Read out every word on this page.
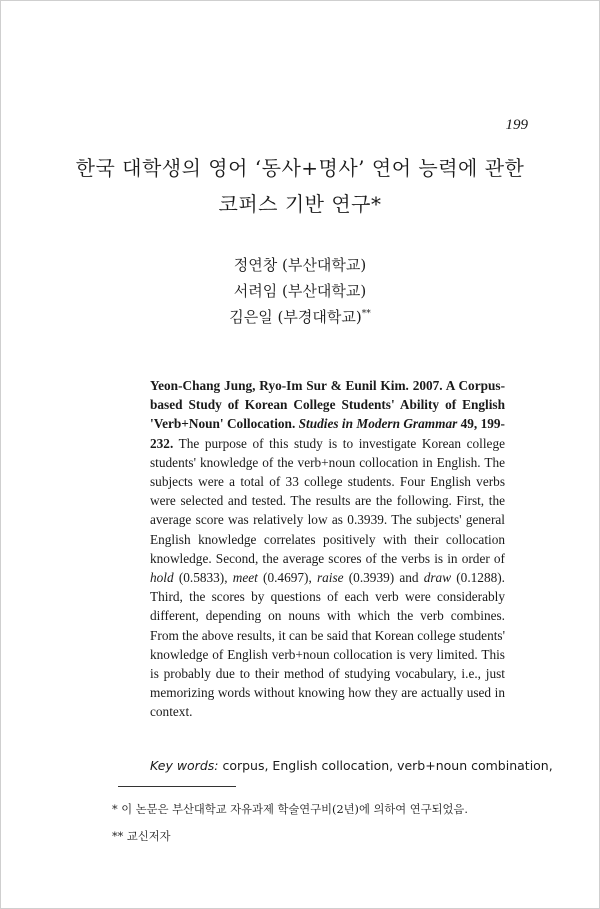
199
한국 대학생의 영어 ‘동사+명사’ 연어 능력에 관한
코퍼스 기반 연구*
정연창 (부산대학교)
서려임 (부산대학교)
김은일 (부경대학교)**
Yeon-Chang Jung, Ryo-Im Sur & Eunil Kim. 2007. A Corpus-based Study of Korean College Students' Ability of English 'Verb+Noun' Collocation. Studies in Modern Grammar 49, 199-232. The purpose of this study is to investigate Korean college students' knowledge of the verb+noun collocation in English. The subjects were a total of 33 college students. Four English verbs were selected and tested. The results are the following. First, the average score was relatively low as 0.3939. The subjects' general English knowledge correlates positively with their collocation knowledge. Second, the average scores of the verbs is in order of hold (0.5833), meet (0.4697), raise (0.3939) and draw (0.1288). Third, the scores by questions of each verb were considerably different, depending on nouns with which the verb combines. From the above results, it can be said that Korean college students' knowledge of English verb+noun collocation is very limited. This is probably due to their method of studying vocabulary, i.e., just memorizing words without knowing how they are actually used in context.
Key words: corpus, English collocation, verb+noun combination,
* 이 논문은 부산대학교 자유과제 학술연구비(2년)에 의하여 연구되었음.
** 교신저자
